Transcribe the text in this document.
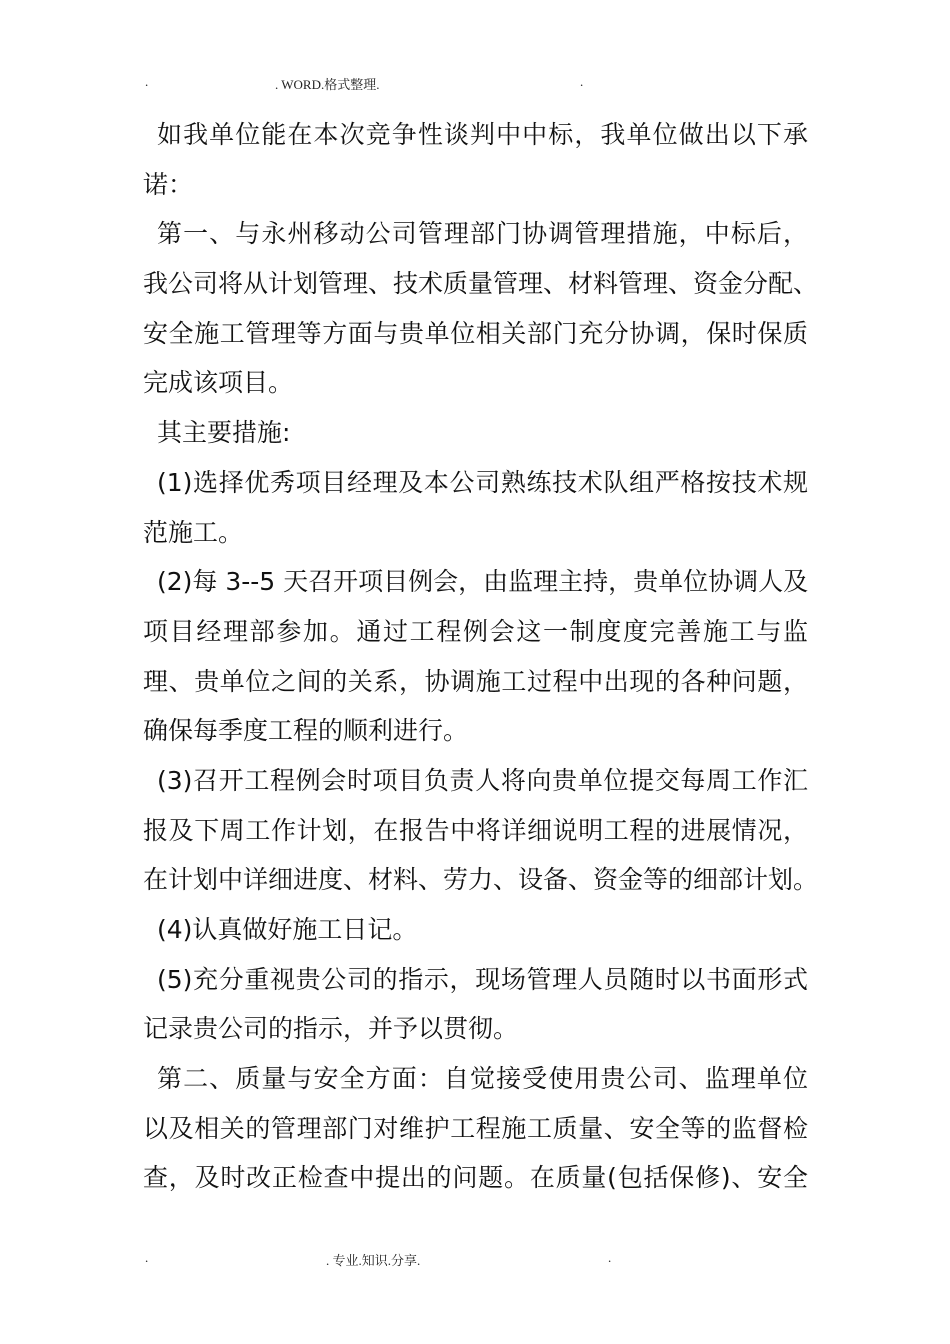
.	. WORD.格式整理.	.
如我单位能在本次竞争性谈判中中标，我单位做出以下承
诺：
第一、与永州移动公司管理部门协调管理措施，中标后，
我公司将从计划管理、技术质量管理、材料管理、资金分配、
安全施工管理等方面与贵单位相关部门充分协调，保时保质
完成该项目。
其主要措施:
(1)选择优秀项目经理及本公司熟练技术队组严格按技术规
范施工。
(2)每 3--5 天召开项目例会，由监理主持，贵单位协调人及
项目经理部参加。通过工程例会这一制度度完善施工与监
理、贵单位之间的关系，协调施工过程中出现的各种问题，
确保每季度工程的顺利进行。
(3)召开工程例会时项目负责人将向贵单位提交每周工作汇
报及下周工作计划，在报告中将详细说明工程的进展情况，
在计划中详细进度、材料、劳力、设备、资金等的细部计划。
(4)认真做好施工日记。
(5)充分重视贵公司的指示，现场管理人员随时以书面形式
记录贵公司的指示，并予以贯彻。
第二、质量与安全方面：自觉接受使用贵公司、监理单位
以及相关的管理部门对维护工程施工质量、安全等的监督检
查，及时改正检查中提出的问题。在质量(包括保修)、安全
.	. 专业.知识.分享.	.
